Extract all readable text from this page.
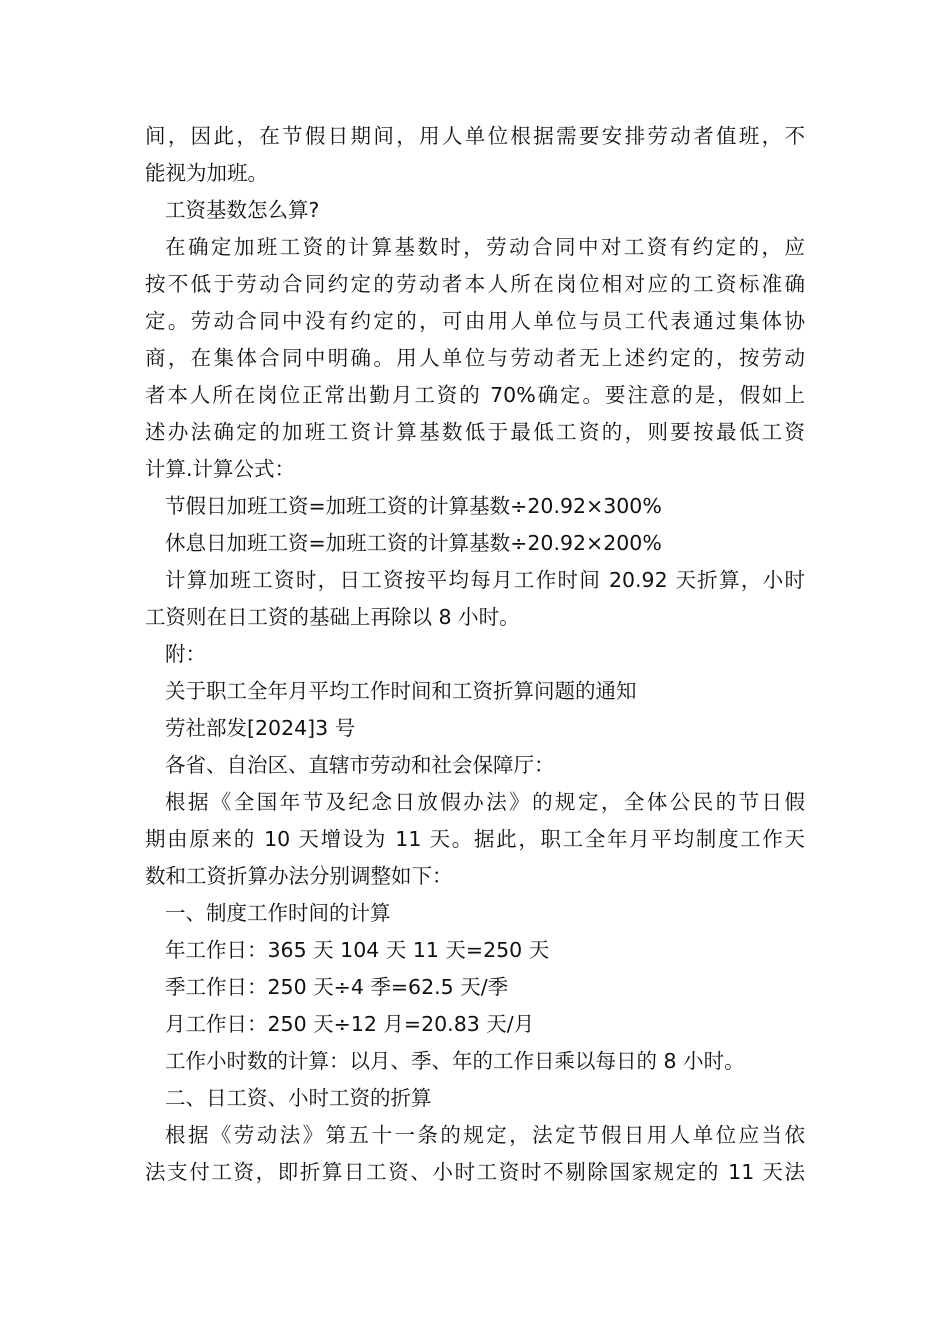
间，因此，在节假日期间，用人单位根据需要安排劳动者值班，不
能视为加班。
工资基数怎么算?
在确定加班工资的计算基数时，劳动合同中对工资有约定的，应
按不低于劳动合同约定的劳动者本人所在岗位相对应的工资标准确
定。劳动合同中没有约定的，可由用人单位与员工代表通过集体协
商，在集体合同中明确。用人单位与劳动者无上述约定的，按劳动
者本人所在岗位正常出勤月工资的 70%确定。要注意的是，假如上
述办法确定的加班工资计算基数低于最低工资的，则要按最低工资
计算.计算公式：
节假日加班工资=加班工资的计算基数÷20.92×300%
休息日加班工资=加班工资的计算基数÷20.92×200%
计算加班工资时，日工资按平均每月工作时间 20.92 天折算，小时
工资则在日工资的基础上再除以 8 小时。
附：
关于职工全年月平均工作时间和工资折算问题的通知
劳社部发[2024]3 号
各省、自治区、直辖市劳动和社会保障厅：
根据《全国年节及纪念日放假办法》的规定，全体公民的节日假
期由原来的 10 天增设为 11 天。据此，职工全年月平均制度工作天
数和工资折算办法分别调整如下：
一、制度工作时间的计算
年工作日：365 天 104 天 11 天=250 天
季工作日：250 天÷4 季=62.5 天/季
月工作日：250 天÷12 月=20.83 天/月
工作小时数的计算：以月、季、年的工作日乘以每日的 8 小时。
二、日工资、小时工资的折算
根据《劳动法》第五十一条的规定，法定节假日用人单位应当依
法支付工资，即折算日工资、小时工资时不剔除国家规定的 11 天法
